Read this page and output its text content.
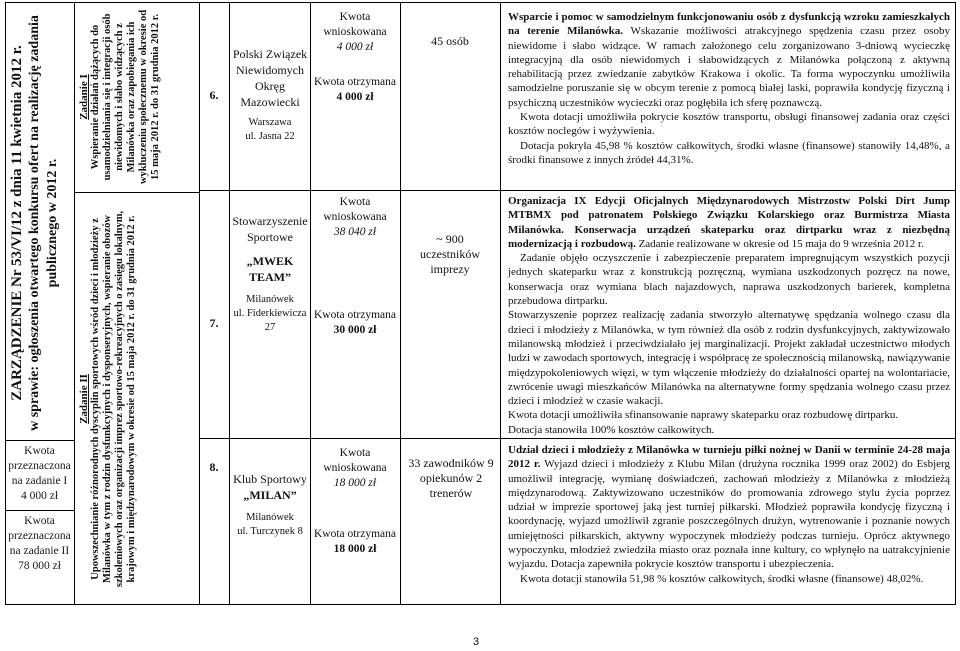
ZARZĄDZENIE Nr 53/VI/12 z dnia 11 kwietnia 2012 r. w sprawie: ogłoszenia otwartego konkursu ofert na realizację zadania publicznego w 2012 r.
Kwota przeznaczona na zadanie I
4 000 zł
Kwota przeznaczona na zadanie II
78 000 zł
Zadanie I Wspieranie działań dążących do usamodzielniania się i integracji osób niewidomych i słabo widzących z Milanówka oraz zapobiegania ich wykluczeniu społecznemu w okresie od 15 maja 2012 r. do 31 grudnia 2012 r.
Zadanie II Upowszechnianie różnorodnych dyscyplin sportowych wśród dzieci i młodzieży z Milanówka w tym z rodzin dysfunkcyjnych i dysponseryjnych, wspieranie obozów szkoleniowych oraz organizacji imprez sportowo-rekreacyjnych o zasięgu lokalnym, krajowym i międzynarodowym w okresie od 15 maja 2012 r. do 31 grudnia 2012 r.
6.
Polski Związek Niewidomych Okręg Mazowiecki
Warszawa
ul. Jasna 22
Kwota wnioskowana
4 000 zł
Kwota otrzymana
4 000 zł
45 osób

Wsparcie i pomoc w samodzielnym funkcjonowaniu osób z dysfunkcją wzroku zamieszkałych na terenie Milanówka. Wskazanie możliwości atrakcyjnego spędzenia czasu przez osoby niewidome i słabo widzące. W ramach założonego celu zorganizowano 3-dniową wycieczkę integracyjną dla osób niewidomych i słabowidzących z Milanówka połączoną z aktywną rehabilitacją przez zwiedzanie zabytków Krakowa i okolic. Ta forma wypoczynku umożliwiła samodzielne poruszanie się w obcym terenie z pomocą białej laski, poprawiła kondycję fizyczną i psychiczną uczestników wycieczki oraz pogłębiła ich sferę poznawczą.

Kwota dotacji umożliwiła pokrycie kosztów transportu, obsługi finansowej zadania oraz części kosztów noclegów i wyżywienia.

Dotacja pokryła 45,98 % kosztów całkowitych, środki własne (finansowe) stanowiły 14,48%, a środki finansowe z innych źródeł 44,31%.

7.
Stowarzyszenie Sportowe
„MWEK TEAM”
Milanówek
ul. Fiderkiewicza 27
Kwota wnioskowana
38 040 zł
Kwota otrzymana
30 000 zł
~ 900 uczestników imprezy

Organizacja IX Edycji Oficjalnych Międzynarodowych Mistrzostw Polski Dirt Jump MTBMX pod patronatem Polskiego Związku Kolarskiego oraz Burmistrza Miasta Milanówka. Konserwacja urządzeń skateparku oraz dirtparku wraz z niezbędną modernizacją i rozbudową. Zadanie realizowane w okresie od 15 maja do 9 września 2012 r.

Zadanie objęło oczyszczenie i zabezpieczenie preparatem impregnującym wszystkich pozycji jednych skateparku wraz z konstrukcją pozręczną, wymiana uszkodzonych pozręcz na nowe, konserwacja oraz wymiana blach najazdowych, naprawa uszkodzonych barierek, kompletna przebudowa dirtparku.

Stowarzyszenie poprzez realizację zadania stworzyło alternatywę spędzania wolnego czasu dla dzieci i młodzieży z Milanówka, w tym również dla osób z rodzin dysfunkcyjnych, zaktywizowało milanowską młodzież i przeciwdziałało jej marginalizacji. Projekt zakładał uczestnictwo młodych ludzi w zawodach sportowych, integrację i współpracę ze społecznością milanowską, nawiązywanie międzypokoleniowych więzi, w tym włączenie młodzieży do działalności opartej na wolontariacie, zwrócenie uwagi mieszkańców Milanówka na alternatywne formy spędzania wolnego czasu przez dzieci i młodzież w czasie wakacji.

Kwota dotacji umożliwiła sfinansowanie naprawy skateparku oraz rozbudowę dirtparku.

Dotacja stanowiła 100% kosztów całkowitych.

8.
Klub Sportowy
„MILAN”
Milanówek
ul. Turczynek 8
Kwota wnioskowana
18 000 zł
Kwota otrzymana
18 000 zł
33 zawodników 9 opiekunów 2 trenerów

Udział dzieci i młodzieży z Milanówka w turnieju piłki nożnej w Danii w terminie 24-28 maja 2012 r. Wyjazd dzieci i młodzieży z Klubu Milan (drużyna rocznika 1999 oraz 2002) do Esbjerg umożliwił integrację, wymianę doświadczeń, zachowań młodzieży z Milanówka z młodzieżą międzynarodową. Zaktywizowano uczestników do promowania zdrowego stylu życia poprzez udział w imprezie sportowej jaką jest turniej piłkarski. Młodzież poprawiła kondycję fizyczną i koordynację, wyjazd umożliwił zgranie poszczególnych drużyn, wytrenowanie i poznanie nowych umiejętności piłkarskich, aktywny wypoczynek młodzieży podczas turnieju. Oprócz aktywnego wypoczynku, młodzież zwiedziła miasto oraz poznała inne kultury, co wpłynęło na uatrakcyjnienie wyjazdu. Dotacja zapewniła pokrycie kosztów transportu i ubezpieczenia.

Kwota dotacji stanowiła 51,98 % kosztów całkowitych, środki własne (finansowe) 48,02%.

3
